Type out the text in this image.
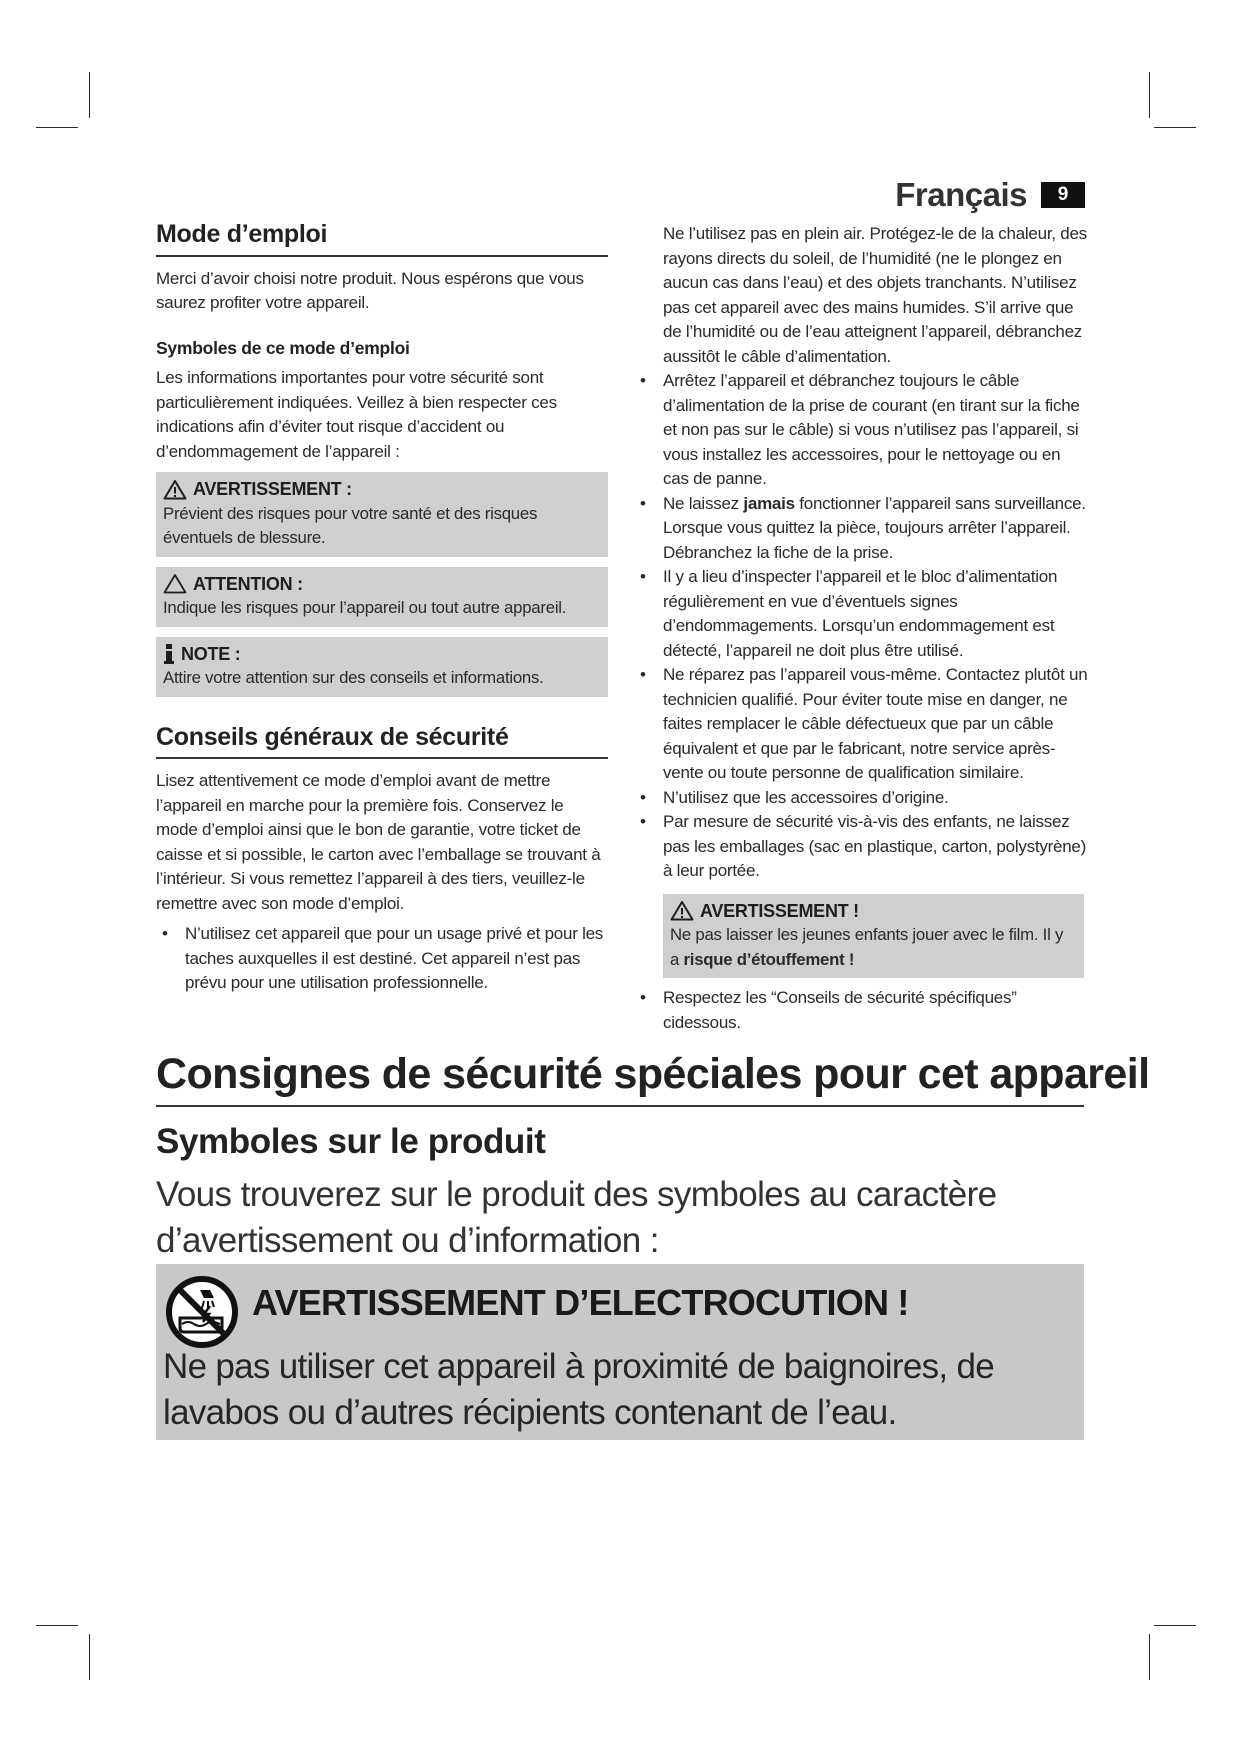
Français	9
Mode d’emploi

Merci d’avoir choisi notre produit. Nous espérons que vous saurez profiter votre appareil.

Symboles de ce mode d’emploi

Les informations importantes pour votre sécurité sont particulièrement indiquées. Veillez à bien respecter ces indications afin d’éviter tout risque d’accident ou d’endommagement de l’appareil :

AVERTISSEMENT :

Prévient des risques pour votre santé et des risques éventuels de blessure.

ATTENTION :

Indique les risques pour l’appareil ou tout autre appareil.

NOTE :

Attire votre attention sur des conseils et informations.

Conseils généraux de sécurité

Lisez attentivement ce mode d’emploi avant de mettre l’appareil en marche pour la première fois. Conservez le mode d’emploi ainsi que le bon de garantie, votre ticket de caisse et si possible, le carton avec l’emballage se trouvant à l’intérieur. Si vous remettez l’appareil à des tiers, veuillez-le remettre avec son mode d’emploi.

• N’utilisez cet appareil que pour un usage privé et pour les taches auxquelles il est destiné. Cet appareil n’est pas prévu pour une utilisation professionnelle.

Ne l’utilisez pas en plein air. Protégez-le de la chaleur, des rayons directs du soleil, de l’humidité (ne le plongez en aucun cas dans l’eau) et des objets tranchants. N’utilisez pas cet appareil avec des mains humides. S’il arrive que de l’humidité ou de l’eau atteignent l’appareil, débranchez aussitôt le câble d’alimentation.

• Arrêtez l’appareil et débranchez toujours le câble d’alimentation de la prise de courant (en tirant sur la fiche et non pas sur le câble) si vous n’utilisez pas l’appareil, si vous installez les accessoires, pour le nettoyage ou en cas de panne.
• Ne laissez jamais fonctionner l’appareil sans surveillance. Lorsque vous quittez la pièce, toujours arrêter l’appareil. Débranchez la fiche de la prise.
• Il y a lieu d’inspecter l’appareil et le bloc d’alimentation régulièrement en vue d’éventuels signes d’endommagements. Lorsqu’un endommagement est détecté, l’appareil ne doit plus être utilisé.
• Ne réparez pas l’appareil vous-même. Contactez plutôt un technicien qualifié. Pour éviter toute mise en danger, ne faites remplacer le câble défectueux que par un câble équivalent et que par le fabricant, notre service après-vente ou toute personne de qualification similaire.
• N’utilisez que les accessoires d’origine.
• Par mesure de sécurité vis-à-vis des enfants, ne laissez pas les emballages (sac en plastique, carton, polystyrène) à leur portée.
AVERTISSEMENT !

Ne pas laisser les jeunes enfants jouer avec le film. Il y a risque d’étouffement !

• Respectez les “Conseils de sécurité spécifiques” cidessous.
Consignes de sécurité spéciales pour cet appareil
Symboles sur le produit
Vous trouverez sur le produit des symboles au caractère d’avertissement ou d’information :
AVERTISSEMENT D’ELECTROCUTION !
Ne pas utiliser cet appareil à proximité de baignoires, de lavabos ou d’autres récipients contenant de l’eau.
